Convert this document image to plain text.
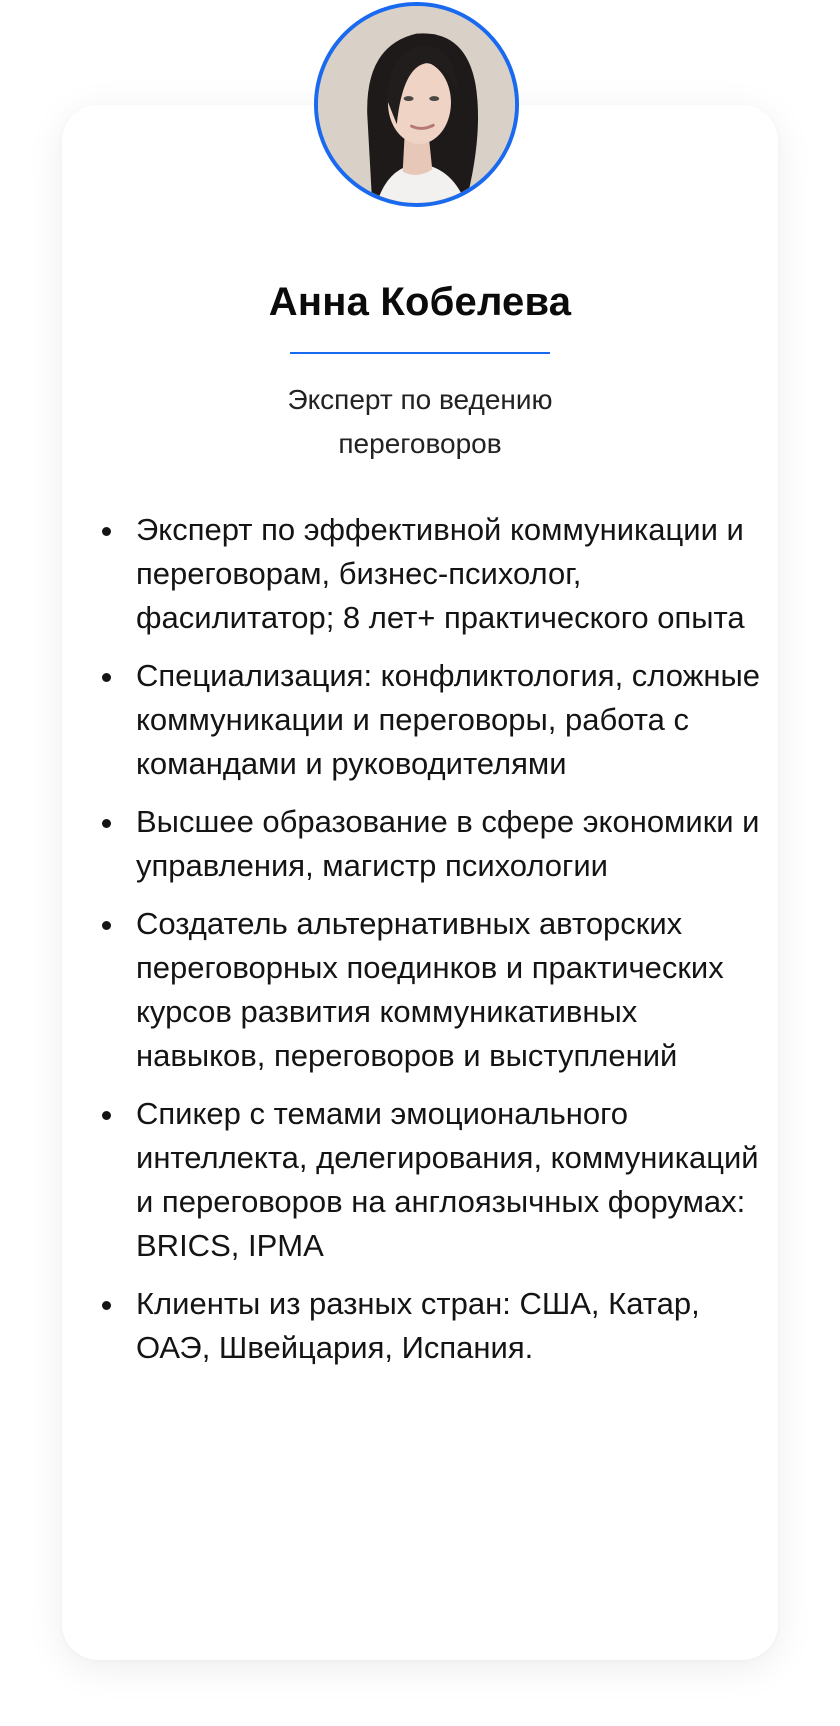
Анна Кобелева
Эксперт по ведению
переговоров
Эксперт по эффективной коммуникации и переговорам, бизнес-психолог, фасилитатор; 8 лет+ практического опыта
Специализация: конфликтология, сложные коммуникации и переговоры, работа с командами и руководителями
Высшее образование в сфере экономики и управления, магистр психологии
Создатель альтернативных авторских переговорных поединков и практических курсов развития коммуникативных навыков, переговоров и выступлений
Спикер с темами эмоционального интеллекта, делегирования, коммуникаций и переговоров на англоязычных форумах: BRICS, IPMA
Клиенты из разных стран: США, Катар, ОАЭ, Швейцария, Испания.
